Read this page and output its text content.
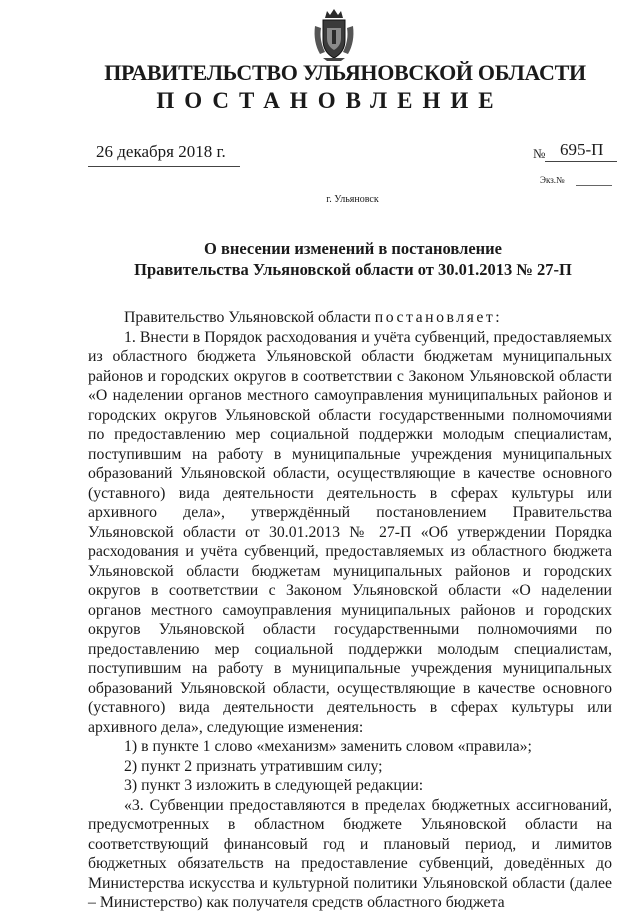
ПРАВИТЕЛЬСТВО УЛЬЯНОВСКОЙ ОБЛАСТИ
ПОСТАНОВЛЕНИЕ
26 декабря 2018 г.	№ 695-П
Экз.№
г. Ульяновск
О внесении изменений в постановление
Правительства Ульяновской области от 30.01.2013 № 27-П

Правительство Ульяновской области постановляет:

1. Внести в Порядок расходования и учёта субвенций, предоставляемых из областного бюджета Ульяновской области бюджетам муниципальных районов и городских округов в соответствии с Законом Ульяновской области «О наделении органов местного самоуправления муниципальных районов и городских округов Ульяновской области государственными полномочиями по предоставлению мер социальной поддержки молодым специалистам, поступившим на работу в муниципальные учреждения муниципальных образований Ульяновской области, осуществляющие в качестве основного (уставного) вида деятельности деятельность в сферах культуры или архивного дела», утверждённый постановлением Правительства Ульяновской области от 30.01.2013 № 27-П «Об утверждении Порядка расходования и учёта субвенций, предоставляемых из областного бюджета Ульяновской области бюджетам муниципальных районов и городских округов в соответствии с Законом Ульяновской области «О наделении органов местного самоуправления муниципальных районов и городских округов Ульяновской области государственными полномочиями по предоставлению мер социальной поддержки молодым специалистам, поступившим на работу в муниципальные учреждения муниципальных образований Ульяновской области, осуществляющие в качестве основного (уставного) вида деятельности деятельность в сферах культуры или архивного дела», следующие изменения:

1) в пункте 1 слово «механизм» заменить словом «правила»;

2) пункт 2 признать утратившим силу;

3) пункт 3 изложить в следующей редакции:

«3. Субвенции предоставляются в пределах бюджетных ассигнований, предусмотренных в областном бюджете Ульяновской области на соответствующий финансовый год и плановый период, и лимитов бюджетных обязательств на предоставление субвенций, доведённых до Министерства искусства и культурной политики Ульяновской области (далее – Министерство) как получателя средств областного бюджета
